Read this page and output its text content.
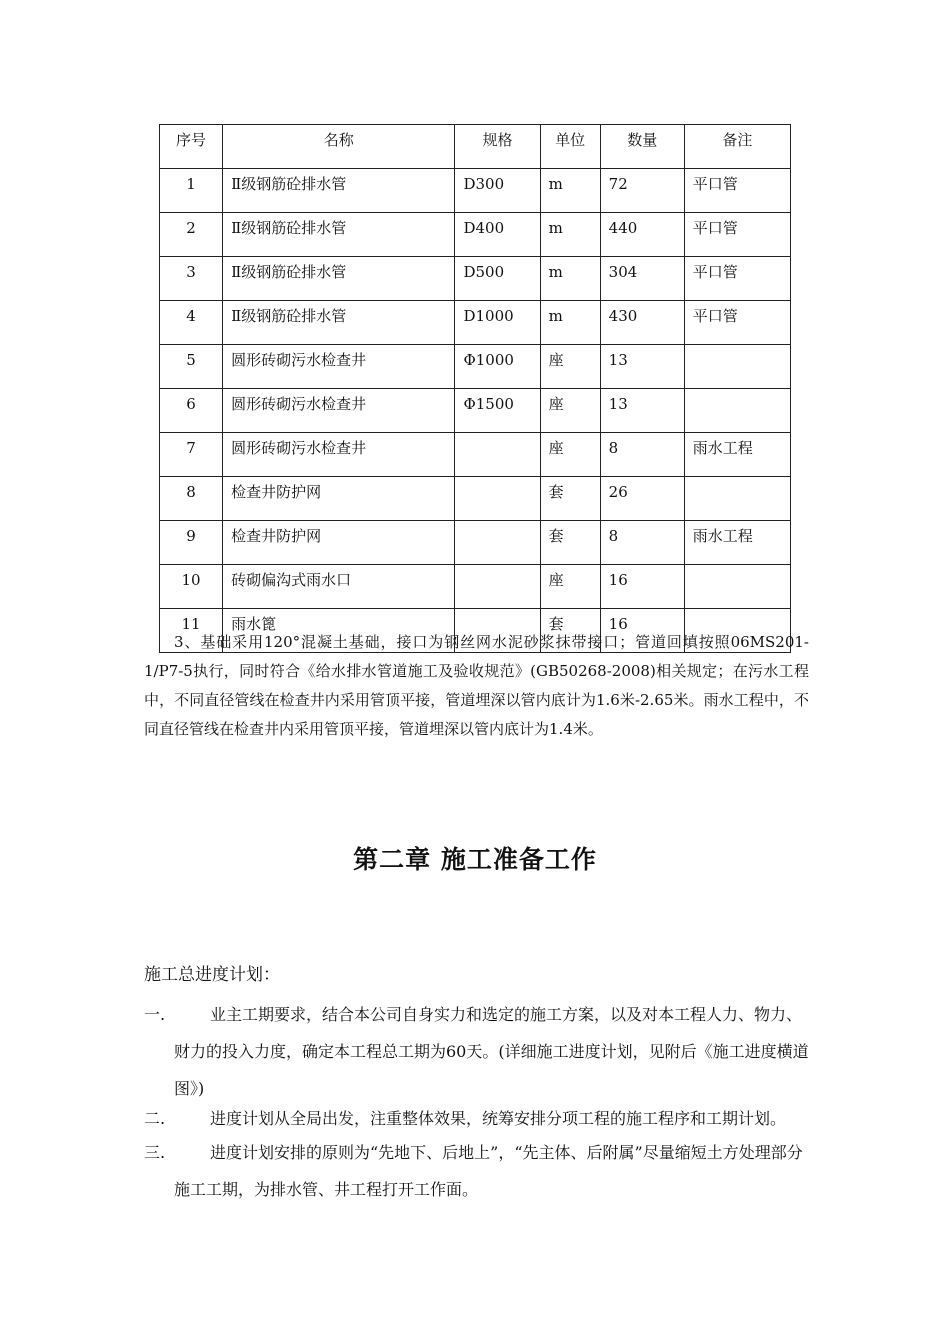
序号	名称	规格	单位	数量	备注
1	Ⅱ级钢筋砼排水管	D300	m	72	平口管
2	Ⅱ级钢筋砼排水管	D400	m	440	平口管
3	Ⅱ级钢筋砼排水管	D500	m	304	平口管
4	Ⅱ级钢筋砼排水管	D1000	m	430	平口管
5	圆形砖砌污水检查井	Φ1000	座	13	
6	圆形砖砌污水检查井	Φ1500	座	13	
7	圆形砖砌污水检查井		座	8	雨水工程
8	检查井防护网		套	26	
9	检查井防护网		套	8	雨水工程
10	砖砌偏沟式雨水口		座	16	
11	雨水篦		套	16	

3、基础采用120°混凝土基础，接口为钢丝网水泥砂浆抹带接口；管道回填按照06MS201-1/P7-5执行，同时符合《给水排水管道施工及验收规范》(GB50268-2008)相关规定；在污水工程中，不同直径管线在检查井内采用管顶平接，管道埋深以管内底计为1.6米-2.65米。雨水工程中，不同直径管线在检查井内采用管顶平接，管道埋深以管内底计为1.4米。

第二章 施工准备工作
施工总进度计划：
一.	业主工期要求，结合本公司自身实力和选定的施工方案，以及对本工程人力、物力、财力的投入力度，确定本工程总工期为60天。(详细施工进度计划，见附后《施工进度横道图》)
二.	进度计划从全局出发，注重整体效果，统筹安排分项工程的施工程序和工期计划。
三.	进度计划安排的原则为“先地下、后地上”，“先主体、后附属”尽量缩短土方处理部分施工工期，为排水管、井工程打开工作面。
